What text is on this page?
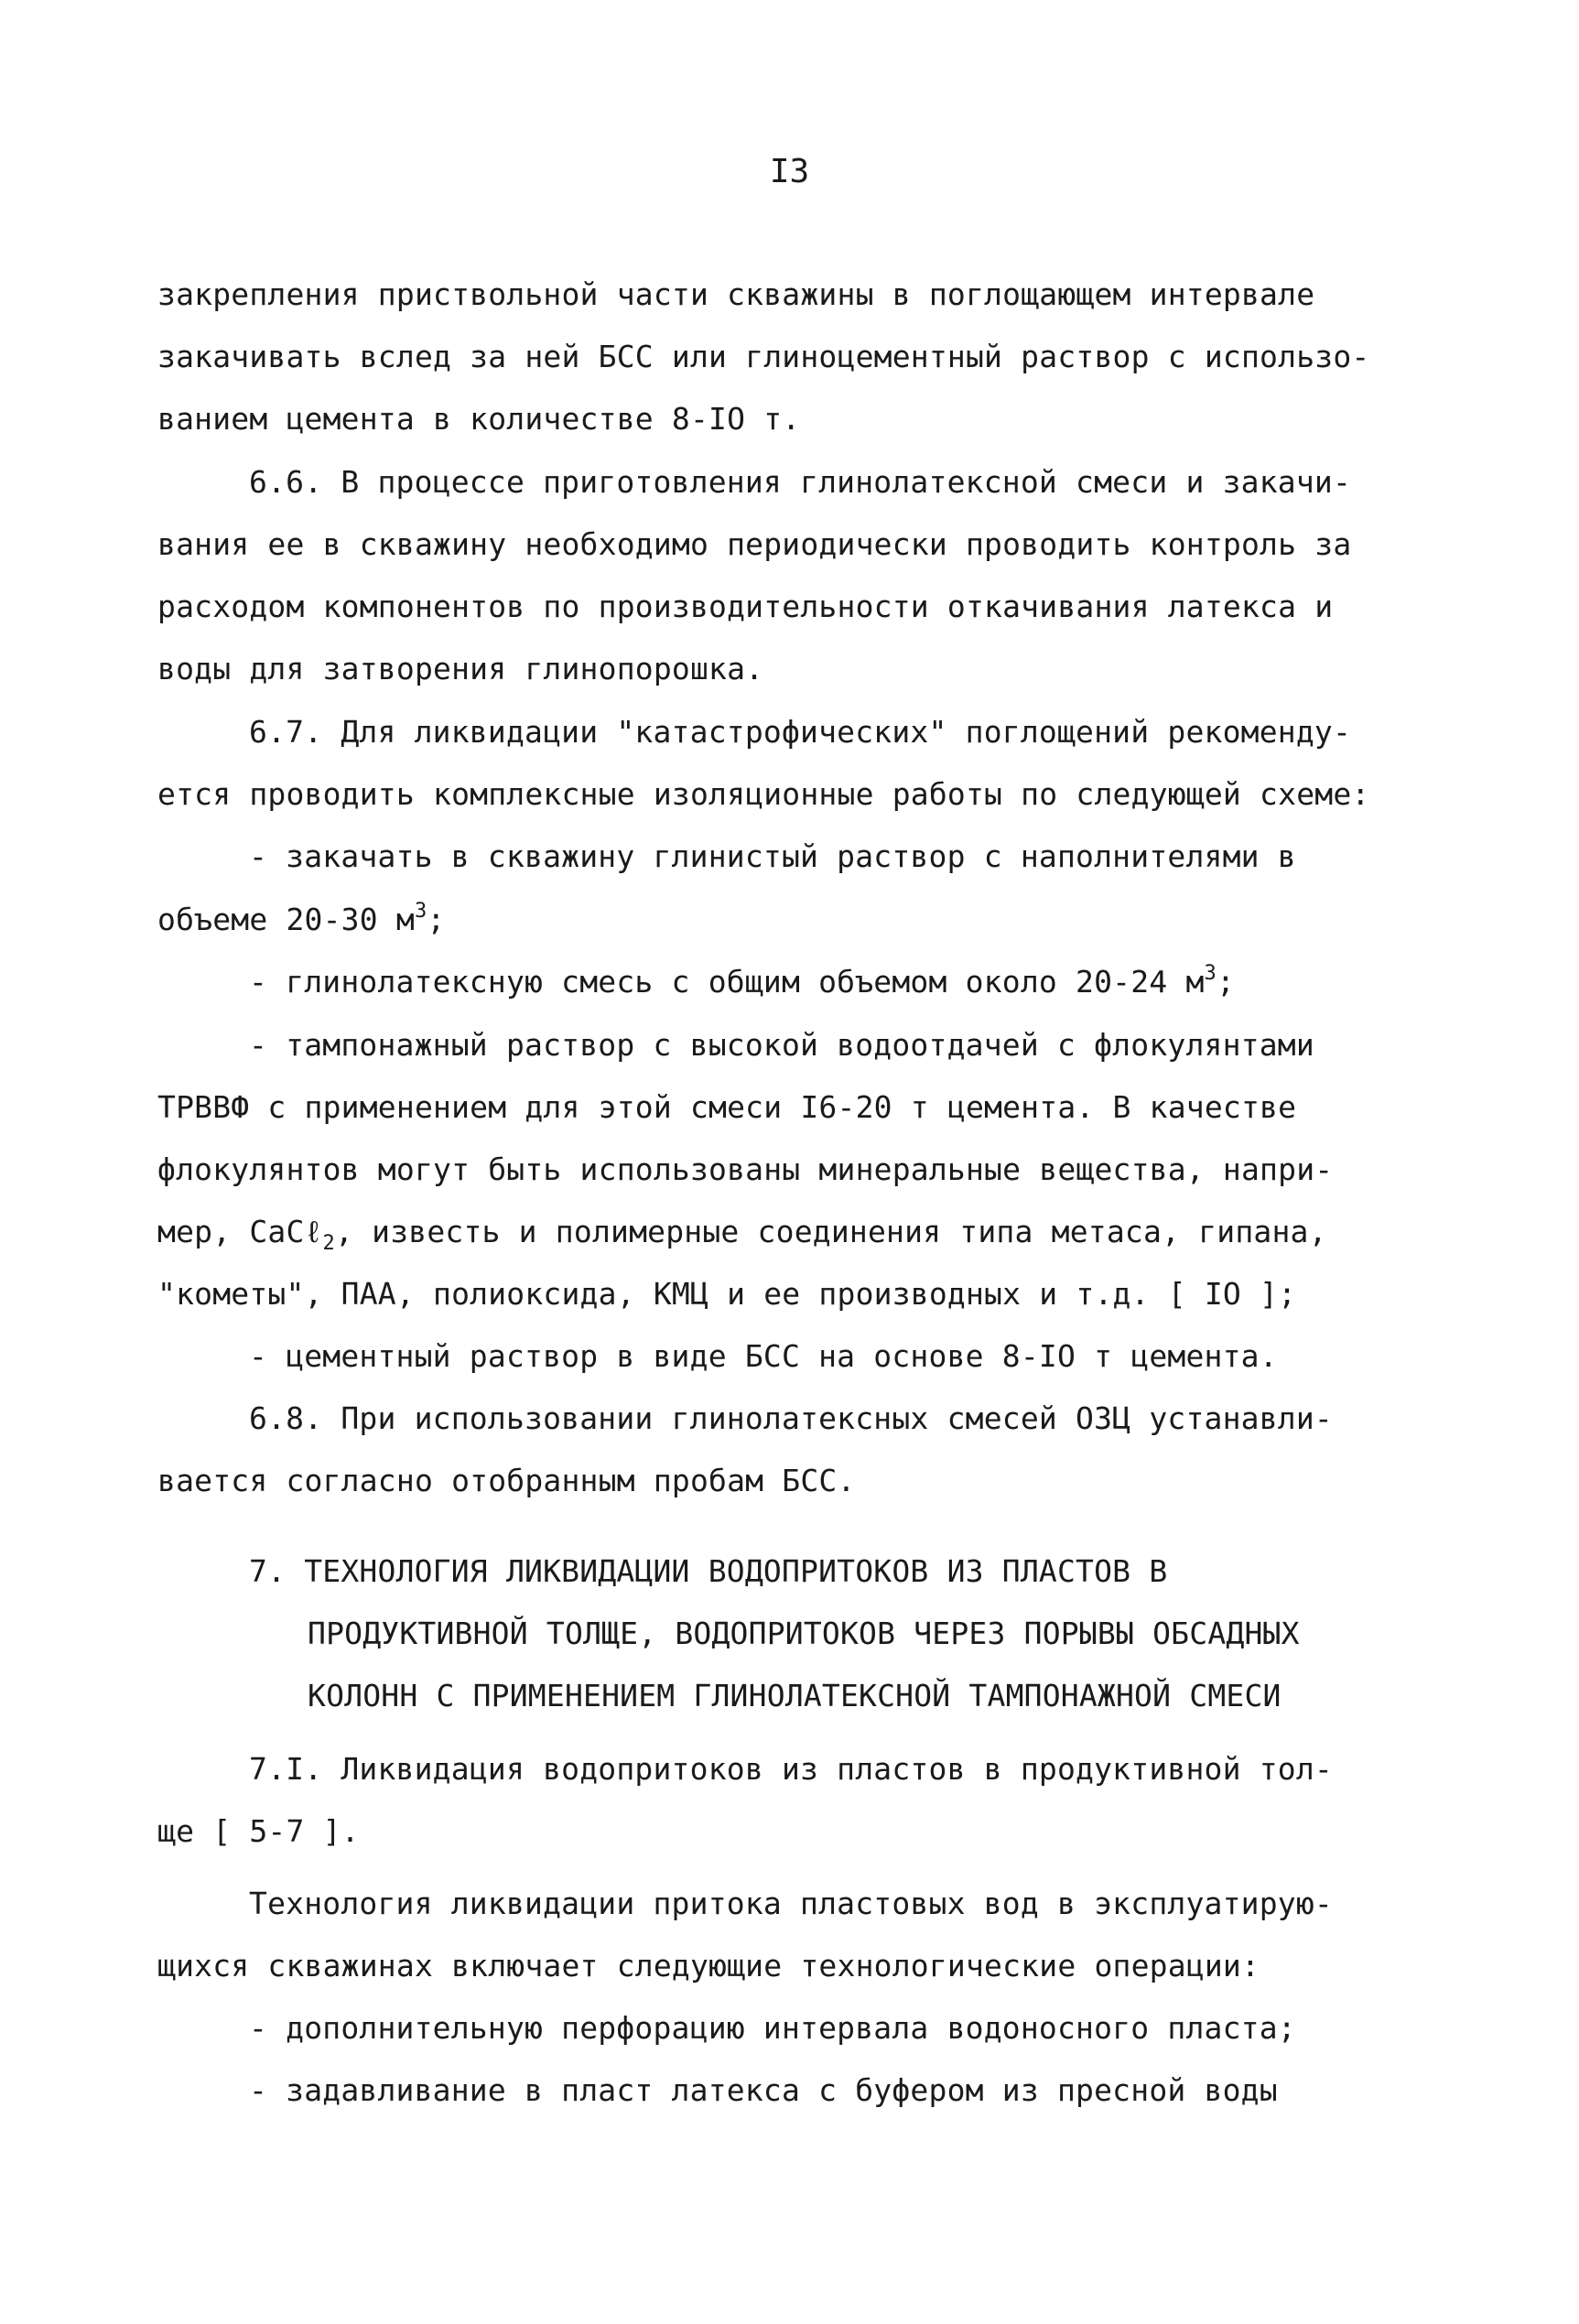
I3
закрепления приствольной части скважины в поглощающем интервале
закачивать вслед за ней БСС или глиноцементный раствор с использо-
ванием цемента в количестве 8-IO т.
6.6. В процессе приготовления глинолатексной смеси и закачи-
вания ее в скважину необходимо периодически проводить контроль за
расходом компонентов по производительности откачивания латекса и
воды для затворения глинопорошка.
6.7. Для ликвидации "катастрофических" поглощений рекоменду-
ется проводить комплексные изоляционные работы по следующей схеме:
- закачать в скважину глинистый раствор с наполнителями в
объеме 20-30 $м^3$;
- глинолатексную смесь с общим объемом около 20-24 $м^3$;
- тампонажный раствор с высокой водоотдачей с флокулянтами
ТРВВФ с применением для этой смеси I6-20 т цемента. В качестве
флокулянтов могут быть использованы минеральные вещества, напри-
мер, CaCℓ$_2$, известь и полимерные соединения типа метаса, гипана,
"кометы", ПАА, полиоксида, КМЦ и ее производных и т.д. [ IO ];
- цементный раствор в виде БСС на основе 8-IO т цемента.
6.8. При использовании глинолатексных смесей ОЗЦ устанавли-
вается согласно отобранным пробам БСС.
7. ТЕХНОЛОГИЯ ЛИКВИДАЦИИ ВОДОПРИТОКОВ ИЗ ПЛАСТОВ В
ПРОДУКТИВНОЙ ТОЛЩЕ, ВОДОПРИТОКОВ ЧЕРЕЗ ПОРЫВЫ ОБСАДНЫХ
КОЛОНН С ПРИМЕНЕНИЕМ ГЛИНОЛАТЕКСНОЙ ТАМПОНАЖНОЙ СМЕСИ
7.I. Ликвидация водопритоков из пластов в продуктивной тол-
ще [ 5-7 ].
Технология ликвидации притока пластовых вод в эксплуатирую-
щихся скважинах включает следующие технологические операции:
- дополнительную перфорацию интервала водоносного пласта;
- задавливание в пласт латекса с буфером из пресной воды
